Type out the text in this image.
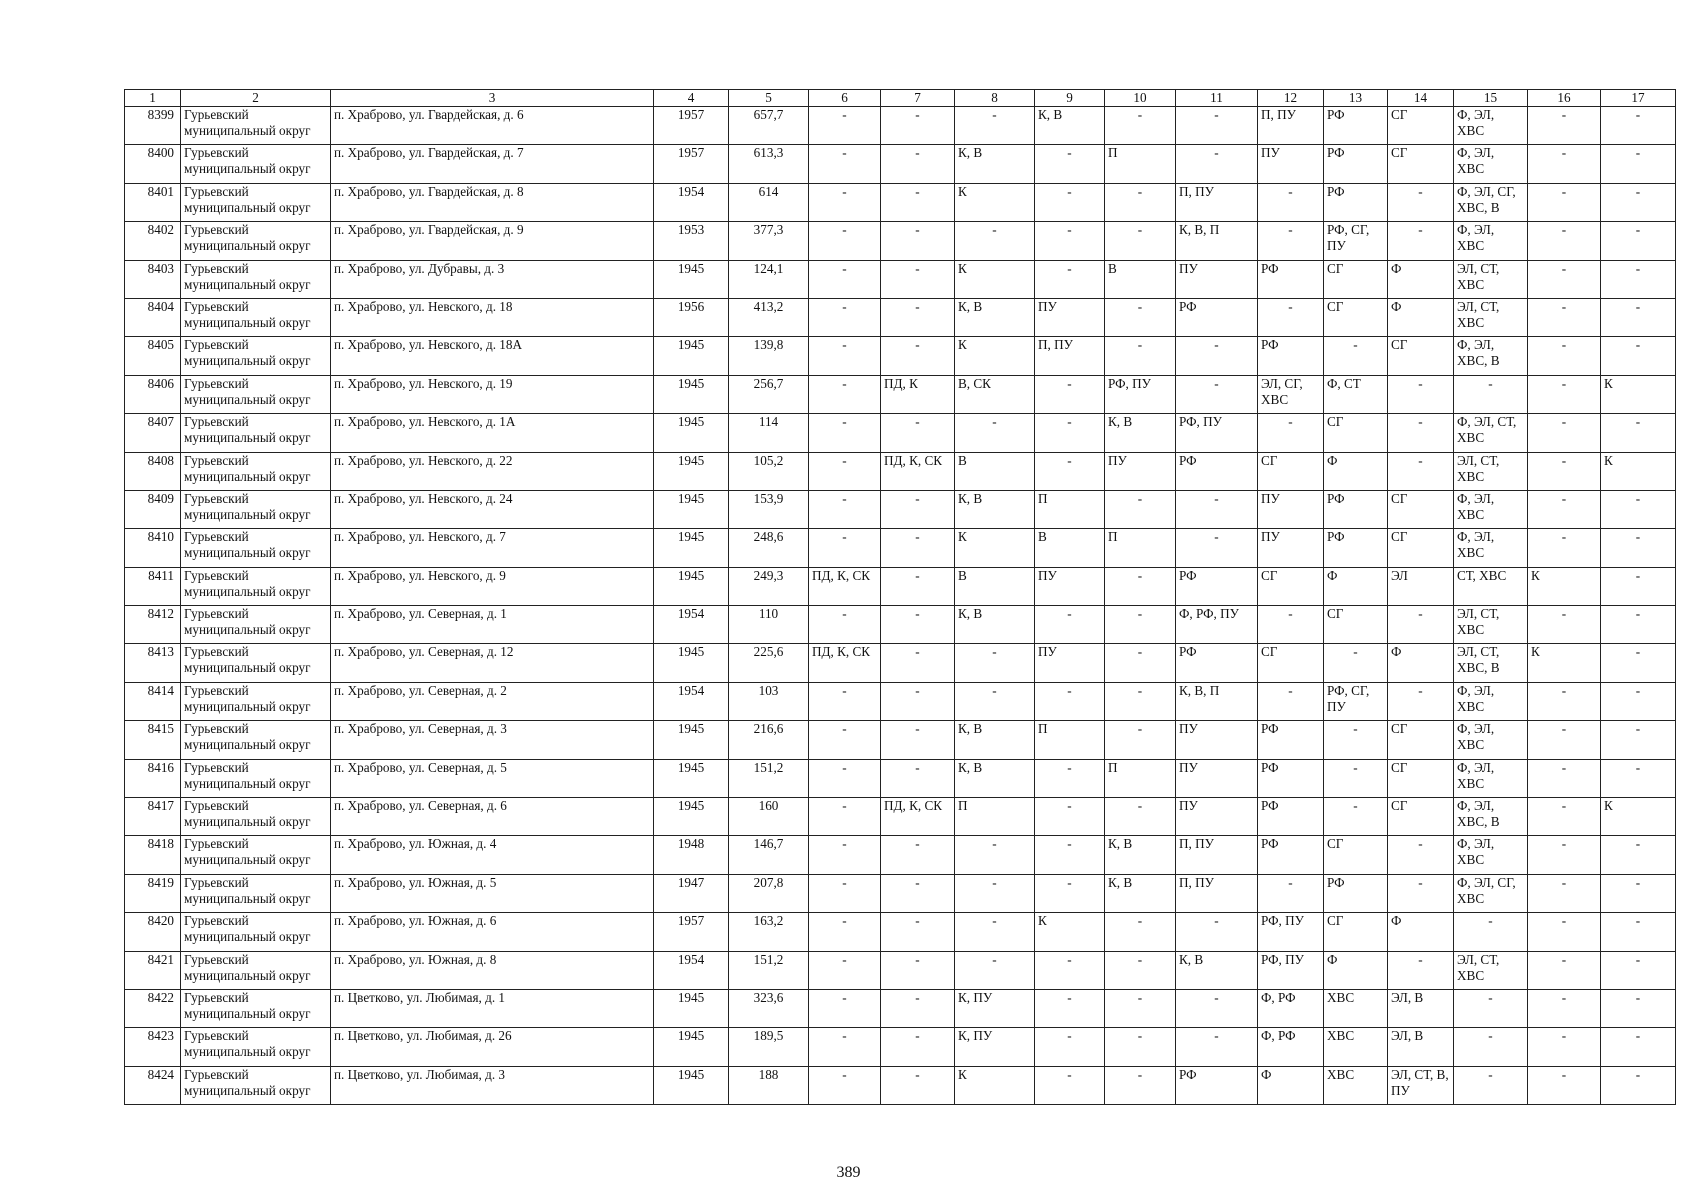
1	2	3	4	5	6	7	8	9	10	11	12	13	14	15	16	17
8399	Гурьевский муниципальный округ	п. Храброво, ул. Гвардейская, д. 6	1957	657,7	-	-	-	К, В	-	-	П, ПУ	РФ	СГ	Ф, ЭЛ, ХВС	-	-
8400	Гурьевский муниципальный округ	п. Храброво, ул. Гвардейская, д. 7	1957	613,3	-	-	К, В	-	П	-	ПУ	РФ	СГ	Ф, ЭЛ, ХВС	-	-
8401	Гурьевский муниципальный округ	п. Храброво, ул. Гвардейская, д. 8	1954	614	-	-	К	-	-	П, ПУ	-	РФ	-	Ф, ЭЛ, СГ, ХВС, В	-	-
8402	Гурьевский муниципальный округ	п. Храброво, ул. Гвардейская, д. 9	1953	377,3	-	-	-	-	-	К, В, П	-	РФ, СГ, ПУ	-	Ф, ЭЛ, ХВС	-	-
8403	Гурьевский муниципальный округ	п. Храброво, ул. Дубравы, д. 3	1945	124,1	-	-	К	-	В	ПУ	РФ	СГ	Ф	ЭЛ, СТ, ХВС	-	-
8404	Гурьевский муниципальный округ	п. Храброво, ул. Невского, д. 18	1956	413,2	-	-	К, В	ПУ	-	РФ	-	СГ	Ф	ЭЛ, СТ, ХВС	-	-
8405	Гурьевский муниципальный округ	п. Храброво, ул. Невского, д. 18А	1945	139,8	-	-	К	П, ПУ	-	-	РФ	-	СГ	Ф, ЭЛ, ХВС, В	-	-
8406	Гурьевский муниципальный округ	п. Храброво, ул. Невского, д. 19	1945	256,7	-	ПД, К	В, СК	-	РФ, ПУ	-	ЭЛ, СГ, ХВС	Ф, СТ	-	-	-	К
8407	Гурьевский муниципальный округ	п. Храброво, ул. Невского, д. 1А	1945	114	-	-	-	-	К, В	РФ, ПУ	-	СГ	-	Ф, ЭЛ, СТ, ХВС	-	-
8408	Гурьевский муниципальный округ	п. Храброво, ул. Невского, д. 22	1945	105,2	-	ПД, К, СК	В	-	ПУ	РФ	СГ	Ф	-	ЭЛ, СТ, ХВС	-	К
8409	Гурьевский муниципальный округ	п. Храброво, ул. Невского, д. 24	1945	153,9	-	-	К, В	П	-	-	ПУ	РФ	СГ	Ф, ЭЛ, ХВС	-	-
8410	Гурьевский муниципальный округ	п. Храброво, ул. Невского, д. 7	1945	248,6	-	-	К	В	П	-	ПУ	РФ	СГ	Ф, ЭЛ, ХВС	-	-
8411	Гурьевский муниципальный округ	п. Храброво, ул. Невского, д. 9	1945	249,3	ПД, К, СК	-	В	ПУ	-	РФ	СГ	Ф	ЭЛ	СТ, ХВС	К	-
8412	Гурьевский муниципальный округ	п. Храброво, ул. Северная, д. 1	1954	110	-	-	К, В	-	-	Ф, РФ, ПУ	-	СГ	-	ЭЛ, СТ, ХВС	-	-
8413	Гурьевский муниципальный округ	п. Храброво, ул. Северная, д. 12	1945	225,6	ПД, К, СК	-	-	ПУ	-	РФ	СГ	-	Ф	ЭЛ, СТ, ХВС, В	К	-
8414	Гурьевский муниципальный округ	п. Храброво, ул. Северная, д. 2	1954	103	-	-	-	-	-	К, В, П	-	РФ, СГ, ПУ	-	Ф, ЭЛ, ХВС	-	-
8415	Гурьевский муниципальный округ	п. Храброво, ул. Северная, д. 3	1945	216,6	-	-	К, В	П	-	ПУ	РФ	-	СГ	Ф, ЭЛ, ХВС	-	-
8416	Гурьевский муниципальный округ	п. Храброво, ул. Северная, д. 5	1945	151,2	-	-	К, В	-	П	ПУ	РФ	-	СГ	Ф, ЭЛ, ХВС	-	-
8417	Гурьевский муниципальный округ	п. Храброво, ул. Северная, д. 6	1945	160	-	ПД, К, СК	П	-	-	ПУ	РФ	-	СГ	Ф, ЭЛ, ХВС, В	-	К
8418	Гурьевский муниципальный округ	п. Храброво, ул. Южная, д. 4	1948	146,7	-	-	-	-	К, В	П, ПУ	РФ	СГ	-	Ф, ЭЛ, ХВС	-	-
8419	Гурьевский муниципальный округ	п. Храброво, ул. Южная, д. 5	1947	207,8	-	-	-	-	К, В	П, ПУ	-	РФ	-	Ф, ЭЛ, СГ, ХВС	-	-
8420	Гурьевский муниципальный округ	п. Храброво, ул. Южная, д. 6	1957	163,2	-	-	-	К	-	-	РФ, ПУ	СГ	Ф	-	-	-
8421	Гурьевский муниципальный округ	п. Храброво, ул. Южная, д. 8	1954	151,2	-	-	-	-	-	К, В	РФ, ПУ	Ф	-	ЭЛ, СТ, ХВС	-	-
8422	Гурьевский муниципальный округ	п. Цветково, ул. Любимая, д. 1	1945	323,6	-	-	К, ПУ	-	-	-	Ф, РФ	ХВС	ЭЛ, В	-	-	-
8423	Гурьевский муниципальный округ	п. Цветково, ул. Любимая, д. 26	1945	189,5	-	-	К, ПУ	-	-	-	Ф, РФ	ХВС	ЭЛ, В	-	-	-
8424	Гурьевский муниципальный округ	п. Цветково, ул. Любимая, д. 3	1945	188	-	-	К	-	-	РФ	Ф	ХВС	ЭЛ, СТ, В, ПУ	-	-	-
389
